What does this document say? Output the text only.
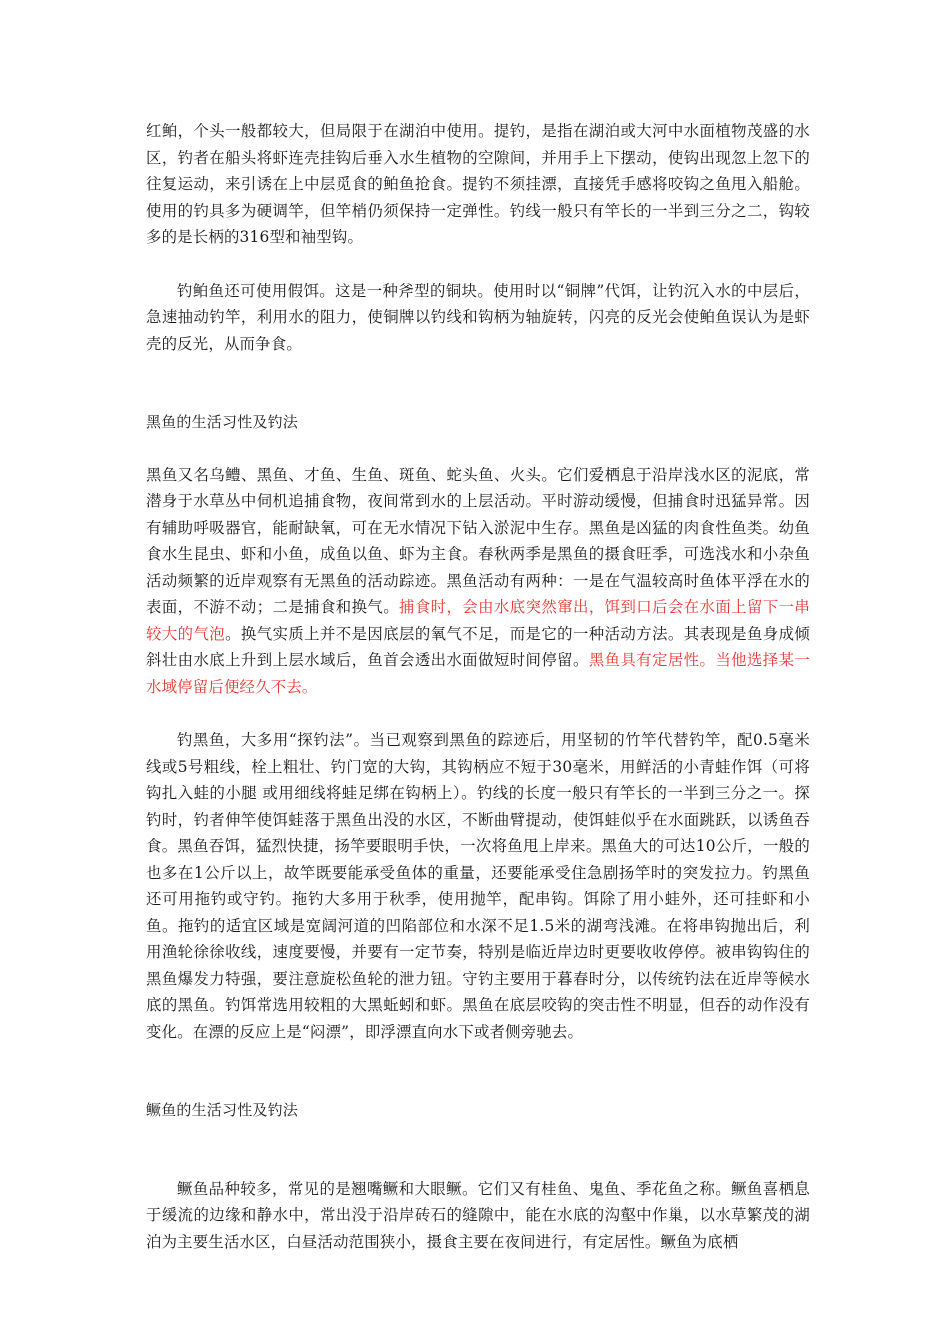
红鲌，个头一般都较大，但局限于在湖泊中使用。提钓，是指在湖泊或大河中水面植物茂盛的水区，钓者在船头将虾连壳挂钩后垂入水生植物的空隙间，并用手上下摆动，使钩出现忽上忽下的往复运动，来引诱在上中层觅食的鲌鱼抢食。提钓不须挂漂，直接凭手感将咬钩之鱼甩入船舱。使用的钓具多为硬调竿，但竿梢仍须保持一定弹性。钓线一般只有竿长的一半到三分之二，钩较多的是长柄的316型和袖型钩。

钓鲌鱼还可使用假饵。这是一种斧型的铜块。使用时以“铜牌”代饵，让钓沉入水的中层后，急速抽动钓竿，利用水的阻力，使铜牌以钓线和钩柄为轴旋转，闪亮的反光会使鲌鱼误认为是虾壳的反光，从而争食。

黑鱼的生活习性及钓法

黑鱼又名乌鳢、黑鱼、才鱼、生鱼、斑鱼、蛇头鱼、火头。它们爱栖息于沿岸浅水区的泥底，常潜身于水草丛中伺机追捕食物，夜间常到水的上层活动。平时游动缓慢，但捕食时迅猛异常。因有辅助呼吸器官，能耐缺氧，可在无水情况下钻入淤泥中生存。黑鱼是凶猛的肉食性鱼类。幼鱼食水生昆虫、虾和小鱼，成鱼以鱼、虾为主食。春秋两季是黑鱼的摄食旺季，可选浅水和小杂鱼活动频繁的近岸观察有无黑鱼的活动踪迹。黑鱼活动有两种：一是在气温较高时鱼体平浮在水的表面，不游不动；二是捕食和换气。捕食时，会由水底突然窜出，饵到口后会在水面上留下一串较大的气泡。换气实质上并不是因底层的氧气不足，而是它的一种活动方法。其表现是鱼身成倾斜壮由水底上升到上层水域后，鱼首会透出水面做短时间停留。黑鱼具有定居性。当他选择某一水域停留后便经久不去。

钓黑鱼，大多用“探钓法”。当已观察到黑鱼的踪迹后，用坚韧的竹竿代替钓竿，配0.5毫米线或5号粗线，栓上粗壮、钓门宽的大钩，其钩柄应不短于30毫米，用鲜活的小青蛙作饵（可将钩扎入蛙的小腿 或用细线将蛙足绑在钩柄上）。钓线的长度一般只有竿长的一半到三分之一。探钓时，钓者伸竿使饵蛙落于黑鱼出没的水区，不断曲臂提动，使饵蛙似乎在水面跳跃，以诱鱼吞食。黑鱼吞饵，猛烈快捷，扬竿要眼明手快，一次将鱼甩上岸来。黑鱼大的可达10公斤，一般的也多在1公斤以上，故竿既要能承受鱼体的重量，还要能承受住急剧扬竿时的突发拉力。钓黑鱼还可用拖钓或守钓。拖钓大多用于秋季，使用抛竿，配串钩。饵除了用小蛙外，还可挂虾和小鱼。拖钓的适宜区域是宽阔河道的凹陷部位和水深不足1.5米的湖弯浅滩。在将串钩抛出后，利用渔轮徐徐收线，速度要慢，并要有一定节奏，特别是临近岸边时更要收收停停。被串钩钩住的黑鱼爆发力特强，要注意旋松鱼轮的泄力钮。守钓主要用于暮春时分，以传统钓法在近岸等候水底的黑鱼。钓饵常选用较粗的大黑蚯蚓和虾。黑鱼在底层咬钩的突击性不明显，但吞的动作没有变化。在漂的反应上是“闷漂”，即浮漂直向水下或者侧旁驰去。

鳜鱼的生活习性及钓法

鳜鱼品种较多，常见的是翘嘴鳜和大眼鳜。它们又有桂鱼、鬼鱼、季花鱼之称。鳜鱼喜栖息于缓流的边缘和静水中，常出没于沿岸砖石的缝隙中，能在水底的沟壑中作巢，以水草繁茂的湖泊为主要生活水区，白昼活动范围狭小，摄食主要在夜间进行，有定居性。鳜鱼为底栖
